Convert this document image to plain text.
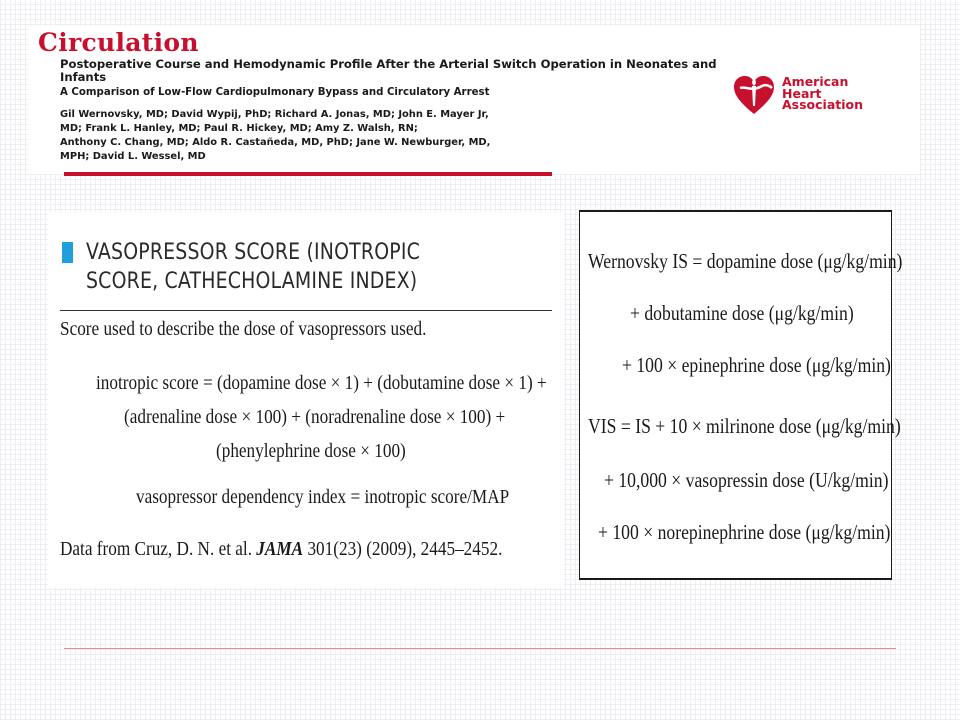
Circulation
Postoperative Course and Hemodynamic Profile After the Arterial Switch Operation in Neonates and Infants
A Comparison of Low-Flow Cardiopulmonary Bypass and Circulatory Arrest
Gil Wernovsky, MD; David Wypij, PhD; Richard A. Jonas, MD; John E. Mayer Jr,
MD; Frank L. Hanley, MD; Paul R. Hickey, MD; Amy Z. Walsh, RN;
Anthony C. Chang, MD; Aldo R. Castañeda, MD, PhD; Jane W. Newburger, MD,
MPH; David L. Wessel, MD
American
Heart
Association
VASOPRESSOR SCORE (INOTROPIC SCORE, CATHECHOLAMINE INDEX)
Score used to describe the dose of vasopressors used.
inotropic score = (dopamine dose × 1) + (dobutamine dose × 1) +
(adrenaline dose × 100) + (noradrenaline dose × 100) +
(phenylephrine dose × 100)
vasopressor dependency index = inotropic score/MAP
Data from Cruz, D. N. et al. JAMA 301(23) (2009), 2445–2452.
Wernovsky IS = dopamine dose (μg/kg/min)
+ dobutamine dose (μg/kg/min)
+ 100 × epinephrine dose (μg/kg/min)
VIS = IS + 10 × milrinone dose (μg/kg/min)
+ 10,000 × vasopressin dose (U/kg/min)
+ 100 × norepinephrine dose (μg/kg/min)
